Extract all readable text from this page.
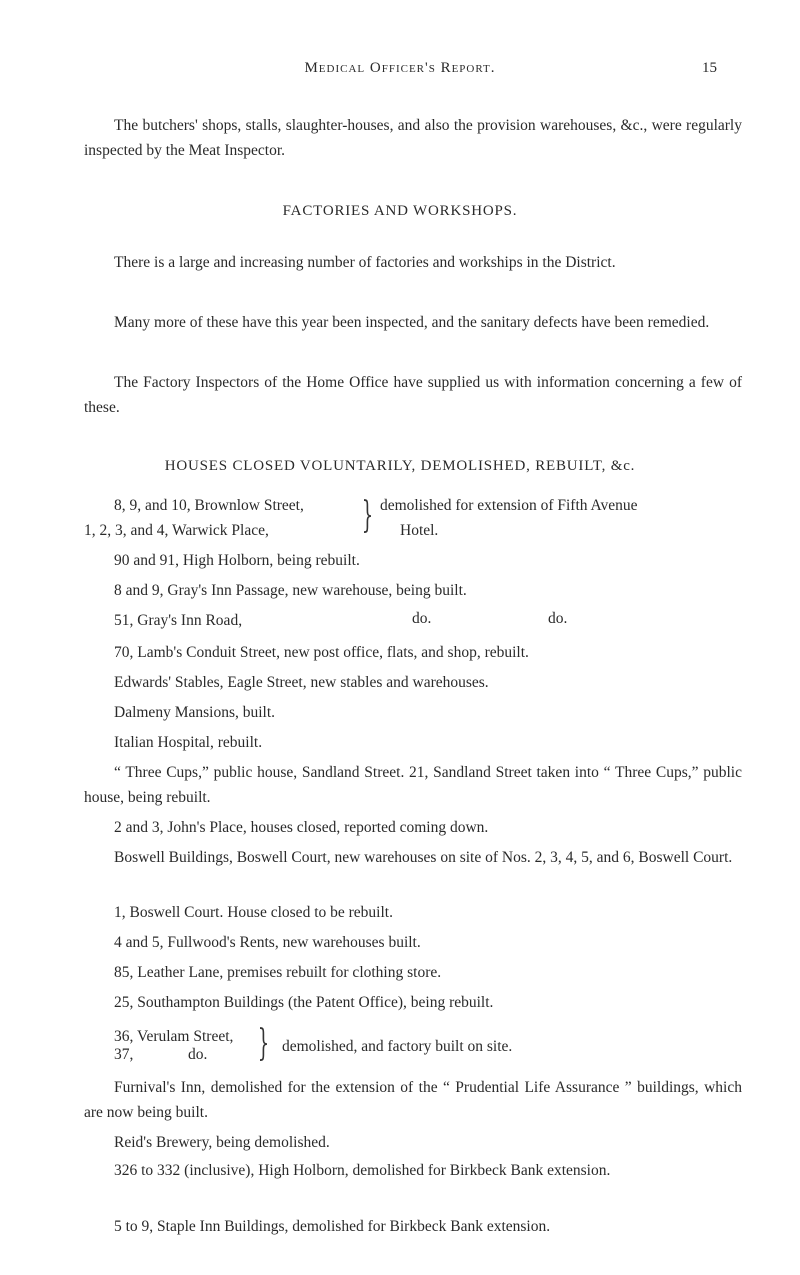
Medical Officer's Report.	15
The butchers' shops, stalls, slaughter-houses, and also the provision warehouses, &c., were regularly inspected by the Meat Inspector.
FACTORIES AND WORKSHOPS.
There is a large and increasing number of factories and workships in the District.
Many more of these have this year been inspected, and the sanitary defects have been remedied.
The Factory Inspectors of the Home Office have supplied us with information concerning a few of these.
HOUSES CLOSED VOLUNTARILY, DEMOLISHED, REBUILT, &c.
8, 9, and 10, Brownlow Street,
1, 2, 3, and 4, Warwick Place,	} demolished for extension of Fifth Avenue
Hotel.
90 and 91, High Holborn, being rebuilt.
8 and 9, Gray's Inn Passage, new warehouse, being built.
51, Gray's Inn Road,	do.	do.
70, Lamb's Conduit Street, new post office, flats, and shop, rebuilt.
Edwards' Stables, Eagle Street, new stables and warehouses.
Dalmeny Mansions, built.
Italian Hospital, rebuilt.
“ Three Cups,” public house, Sandland Street. 21, Sandland Street taken into “ Three Cups,” public house, being rebuilt.
2 and 3, John's Place, houses closed, reported coming down.
Boswell Buildings, Boswell Court, new warehouses on site of Nos. 2, 3, 4, 5, and 6, Boswell Court.
1, Boswell Court. House closed to be rebuilt.
4 and 5, Fullwood's Rents, new warehouses built.
85, Leather Lane, premises rebuilt for clothing store.
25, Southampton Buildings (the Patent Office), being rebuilt.
36, Verulam Street,
37,	do. } demolished, and factory built on site.
Furnival's Inn, demolished for the extension of the “ Prudential Life Assurance ” buildings, which are now being built.
Reid's Brewery, being demolished.
326 to 332 (inclusive), High Holborn, demolished for Birkbeck Bank extension.
5 to 9, Staple Inn Buildings, demolished for Birkbeck Bank extension.
